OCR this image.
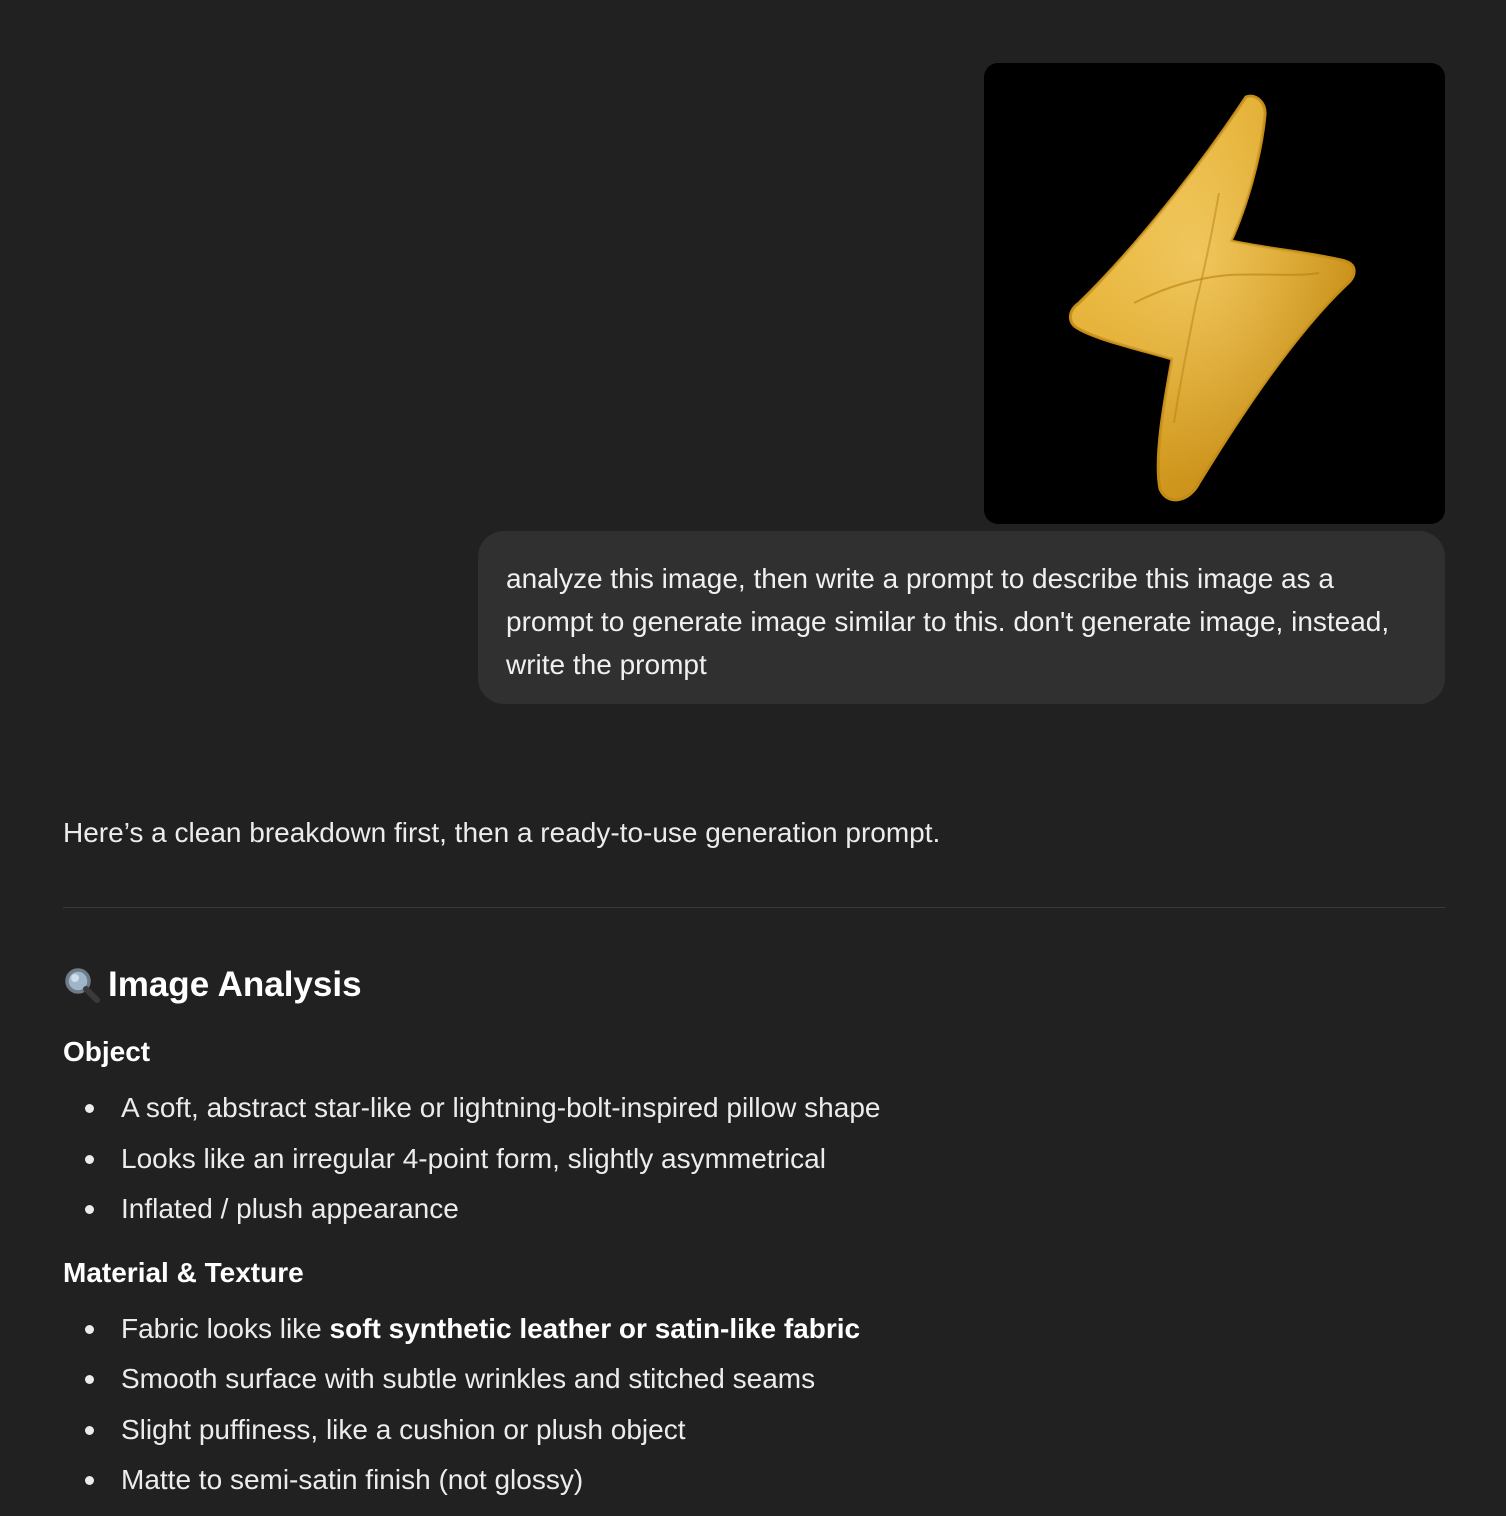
analyze this image, then write a prompt to describe this image as a prompt to generate image similar to this. don't generate image, instead, write the prompt

Here’s a clean breakdown first, then a ready-to-use generation prompt.

Image Analysis

Object

A soft, abstract star-like or lightning-bolt-inspired pillow shape
Looks like an irregular 4-point form, slightly asymmetrical
Inflated / plush appearance

Material & Texture

Fabric looks like soft synthetic leather or satin-like fabric
Smooth surface with subtle wrinkles and stitched seams
Slight puffiness, like a cushion or plush object
Matte to semi-satin finish (not glossy)
